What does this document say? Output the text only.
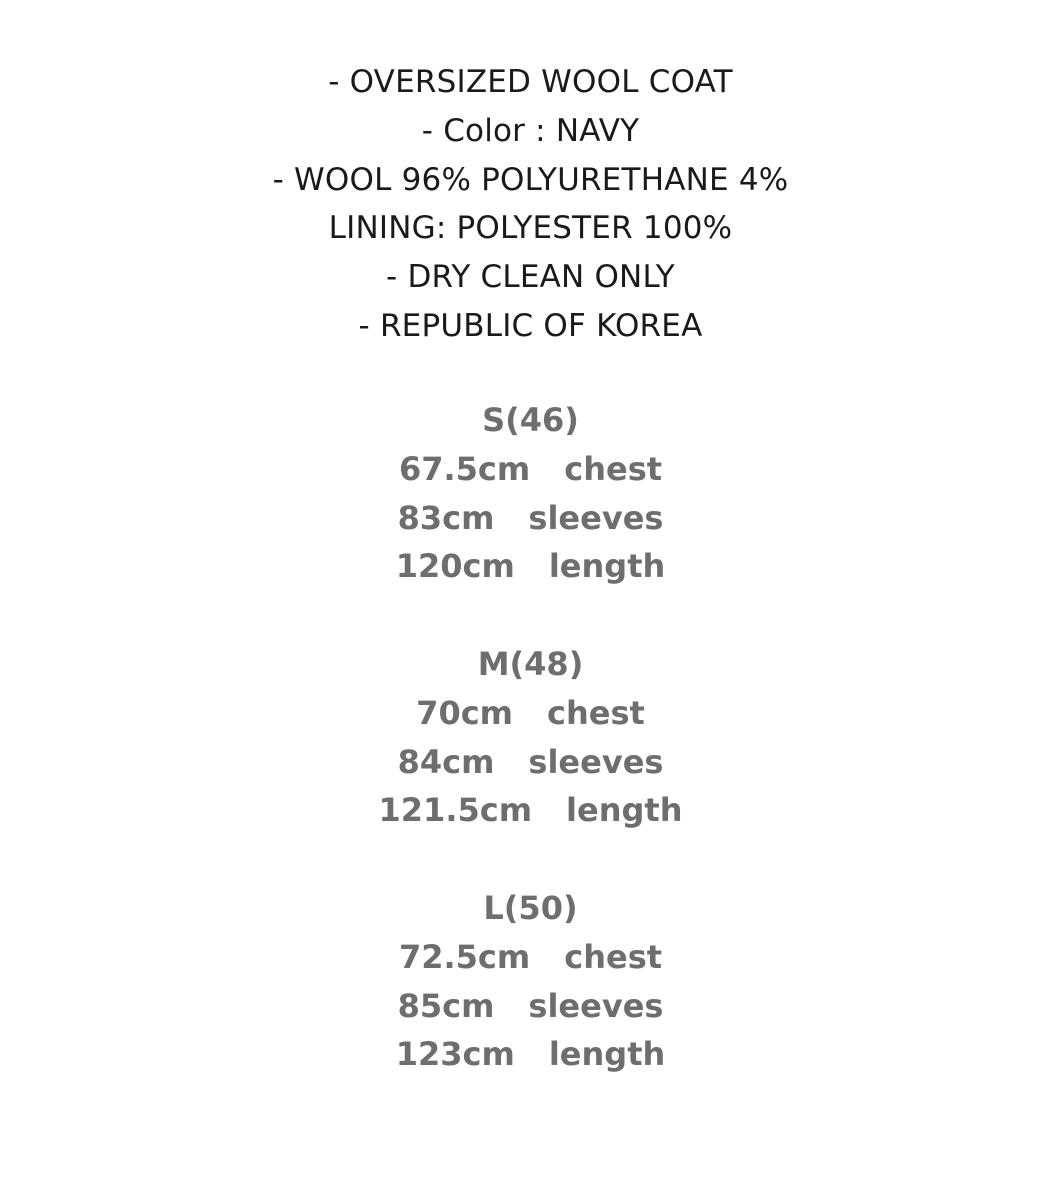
- OVERSIZED WOOL COAT
- Color : NAVY
- WOOL 96% POLYURETHANE 4%
LINING: POLYESTER 100%
- DRY CLEAN ONLY
- REPUBLIC OF KOREA
S(46)
67.5cm chest
83cm sleeves
120cm length
M(48)
70cm chest
84cm sleeves
121.5cm length
L(50)
72.5cm chest
85cm sleeves
123cm length
